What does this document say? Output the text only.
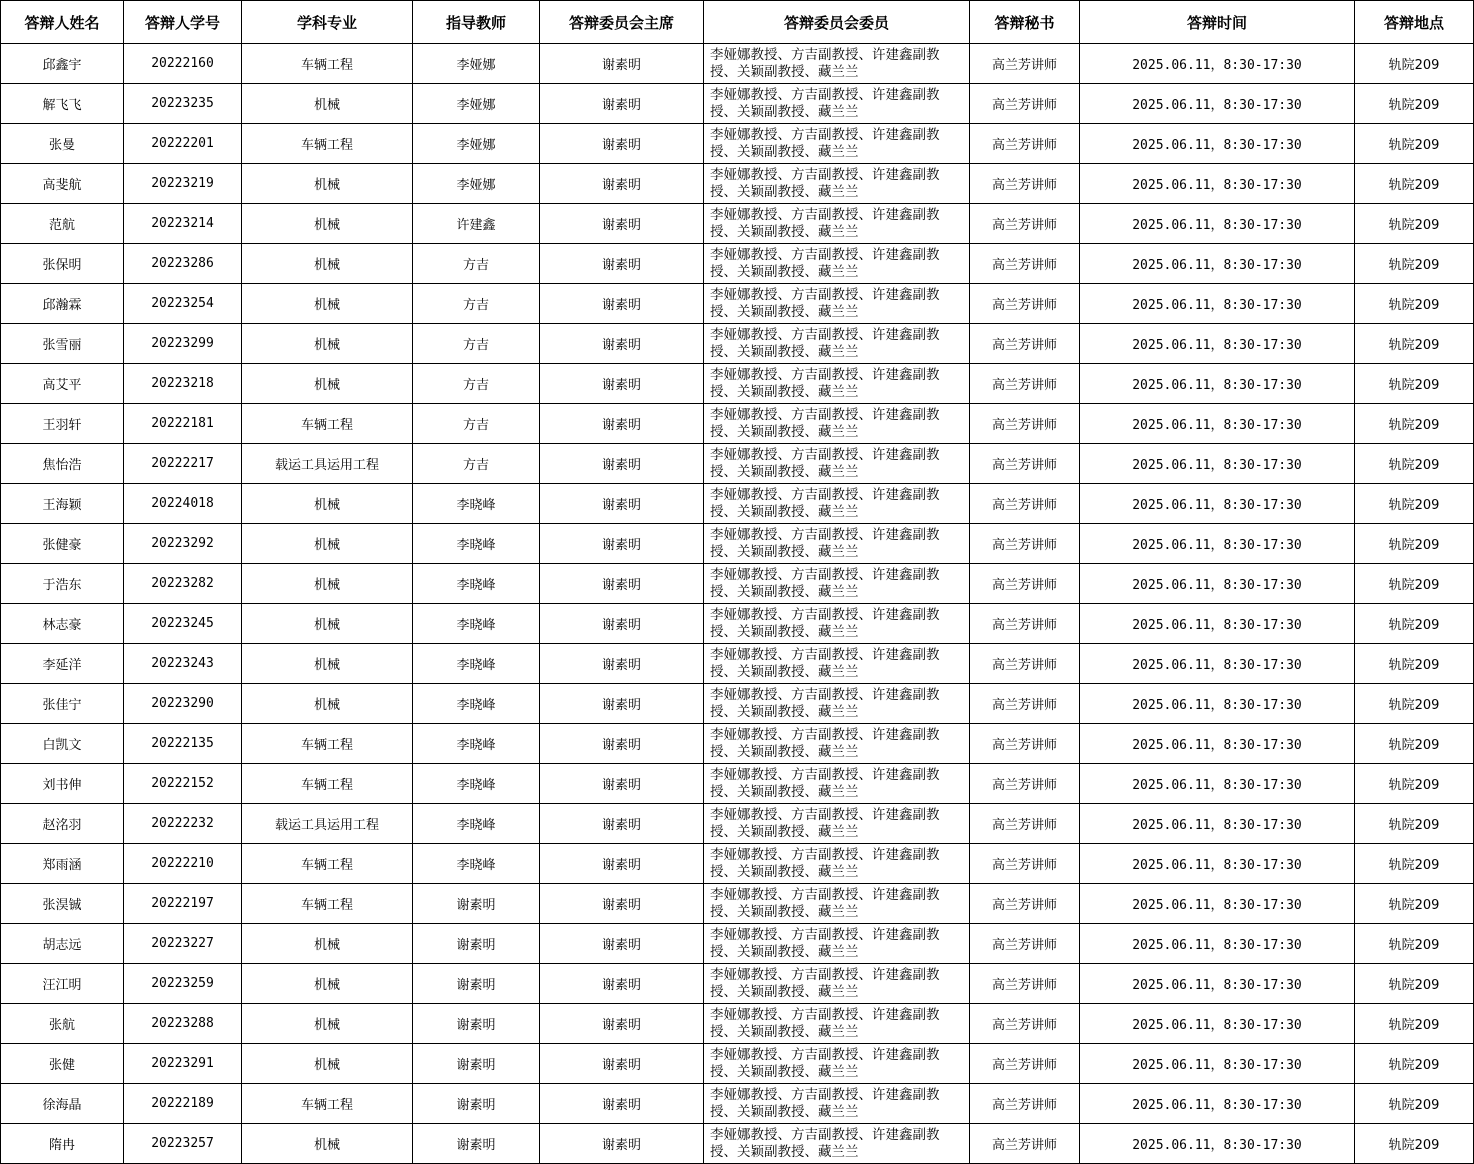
答辩人姓名	答辩人学号	学科专业	指导教师	答辩委员会主席	答辩委员会委员	答辩秘书	答辩时间	答辩地点
邱鑫宇	20222160	车辆工程	李娅娜	谢素明	李娅娜教授、方吉副教授、许建鑫副教授、关颖副教授、藏兰兰	高兰芳讲师	2025.06.11，8:30-17:30	轨院209
解飞飞	20223235	机械	李娅娜	谢素明	李娅娜教授、方吉副教授、许建鑫副教授、关颖副教授、藏兰兰	高兰芳讲师	2025.06.11，8:30-17:30	轨院209
张曼	20222201	车辆工程	李娅娜	谢素明	李娅娜教授、方吉副教授、许建鑫副教授、关颖副教授、藏兰兰	高兰芳讲师	2025.06.11，8:30-17:30	轨院209
高斐航	20223219	机械	李娅娜	谢素明	李娅娜教授、方吉副教授、许建鑫副教授、关颖副教授、藏兰兰	高兰芳讲师	2025.06.11，8:30-17:30	轨院209
范航	20223214	机械	许建鑫	谢素明	李娅娜教授、方吉副教授、许建鑫副教授、关颖副教授、藏兰兰	高兰芳讲师	2025.06.11，8:30-17:30	轨院209
张保明	20223286	机械	方吉	谢素明	李娅娜教授、方吉副教授、许建鑫副教授、关颖副教授、藏兰兰	高兰芳讲师	2025.06.11，8:30-17:30	轨院209
邱瀚霖	20223254	机械	方吉	谢素明	李娅娜教授、方吉副教授、许建鑫副教授、关颖副教授、藏兰兰	高兰芳讲师	2025.06.11，8:30-17:30	轨院209
张雪丽	20223299	机械	方吉	谢素明	李娅娜教授、方吉副教授、许建鑫副教授、关颖副教授、藏兰兰	高兰芳讲师	2025.06.11，8:30-17:30	轨院209
高艾平	20223218	机械	方吉	谢素明	李娅娜教授、方吉副教授、许建鑫副教授、关颖副教授、藏兰兰	高兰芳讲师	2025.06.11，8:30-17:30	轨院209
王羽轩	20222181	车辆工程	方吉	谢素明	李娅娜教授、方吉副教授、许建鑫副教授、关颖副教授、藏兰兰	高兰芳讲师	2025.06.11，8:30-17:30	轨院209
焦怡浩	20222217	载运工具运用工程	方吉	谢素明	李娅娜教授、方吉副教授、许建鑫副教授、关颖副教授、藏兰兰	高兰芳讲师	2025.06.11，8:30-17:30	轨院209
王海颖	20224018	机械	李晓峰	谢素明	李娅娜教授、方吉副教授、许建鑫副教授、关颖副教授、藏兰兰	高兰芳讲师	2025.06.11，8:30-17:30	轨院209
张健豪	20223292	机械	李晓峰	谢素明	李娅娜教授、方吉副教授、许建鑫副教授、关颖副教授、藏兰兰	高兰芳讲师	2025.06.11，8:30-17:30	轨院209
于浩东	20223282	机械	李晓峰	谢素明	李娅娜教授、方吉副教授、许建鑫副教授、关颖副教授、藏兰兰	高兰芳讲师	2025.06.11，8:30-17:30	轨院209
林志豪	20223245	机械	李晓峰	谢素明	李娅娜教授、方吉副教授、许建鑫副教授、关颖副教授、藏兰兰	高兰芳讲师	2025.06.11，8:30-17:30	轨院209
李延洋	20223243	机械	李晓峰	谢素明	李娅娜教授、方吉副教授、许建鑫副教授、关颖副教授、藏兰兰	高兰芳讲师	2025.06.11，8:30-17:30	轨院209
张佳宁	20223290	机械	李晓峰	谢素明	李娅娜教授、方吉副教授、许建鑫副教授、关颖副教授、藏兰兰	高兰芳讲师	2025.06.11，8:30-17:30	轨院209
白凯文	20222135	车辆工程	李晓峰	谢素明	李娅娜教授、方吉副教授、许建鑫副教授、关颖副教授、藏兰兰	高兰芳讲师	2025.06.11，8:30-17:30	轨院209
刘书伸	20222152	车辆工程	李晓峰	谢素明	李娅娜教授、方吉副教授、许建鑫副教授、关颖副教授、藏兰兰	高兰芳讲师	2025.06.11，8:30-17:30	轨院209
赵洺羽	20222232	载运工具运用工程	李晓峰	谢素明	李娅娜教授、方吉副教授、许建鑫副教授、关颖副教授、藏兰兰	高兰芳讲师	2025.06.11，8:30-17:30	轨院209
郑雨涵	20222210	车辆工程	李晓峰	谢素明	李娅娜教授、方吉副教授、许建鑫副教授、关颖副教授、藏兰兰	高兰芳讲师	2025.06.11，8:30-17:30	轨院209
张淏铖	20222197	车辆工程	谢素明	谢素明	李娅娜教授、方吉副教授、许建鑫副教授、关颖副教授、藏兰兰	高兰芳讲师	2025.06.11，8:30-17:30	轨院209
胡志远	20223227	机械	谢素明	谢素明	李娅娜教授、方吉副教授、许建鑫副教授、关颖副教授、藏兰兰	高兰芳讲师	2025.06.11，8:30-17:30	轨院209
汪江明	20223259	机械	谢素明	谢素明	李娅娜教授、方吉副教授、许建鑫副教授、关颖副教授、藏兰兰	高兰芳讲师	2025.06.11，8:30-17:30	轨院209
张航	20223288	机械	谢素明	谢素明	李娅娜教授、方吉副教授、许建鑫副教授、关颖副教授、藏兰兰	高兰芳讲师	2025.06.11，8:30-17:30	轨院209
张健	20223291	机械	谢素明	谢素明	李娅娜教授、方吉副教授、许建鑫副教授、关颖副教授、藏兰兰	高兰芳讲师	2025.06.11，8:30-17:30	轨院209
徐海晶	20222189	车辆工程	谢素明	谢素明	李娅娜教授、方吉副教授、许建鑫副教授、关颖副教授、藏兰兰	高兰芳讲师	2025.06.11，8:30-17:30	轨院209
隋冉	20223257	机械	谢素明	谢素明	李娅娜教授、方吉副教授、许建鑫副教授、关颖副教授、藏兰兰	高兰芳讲师	2025.06.11，8:30-17:30	轨院209
